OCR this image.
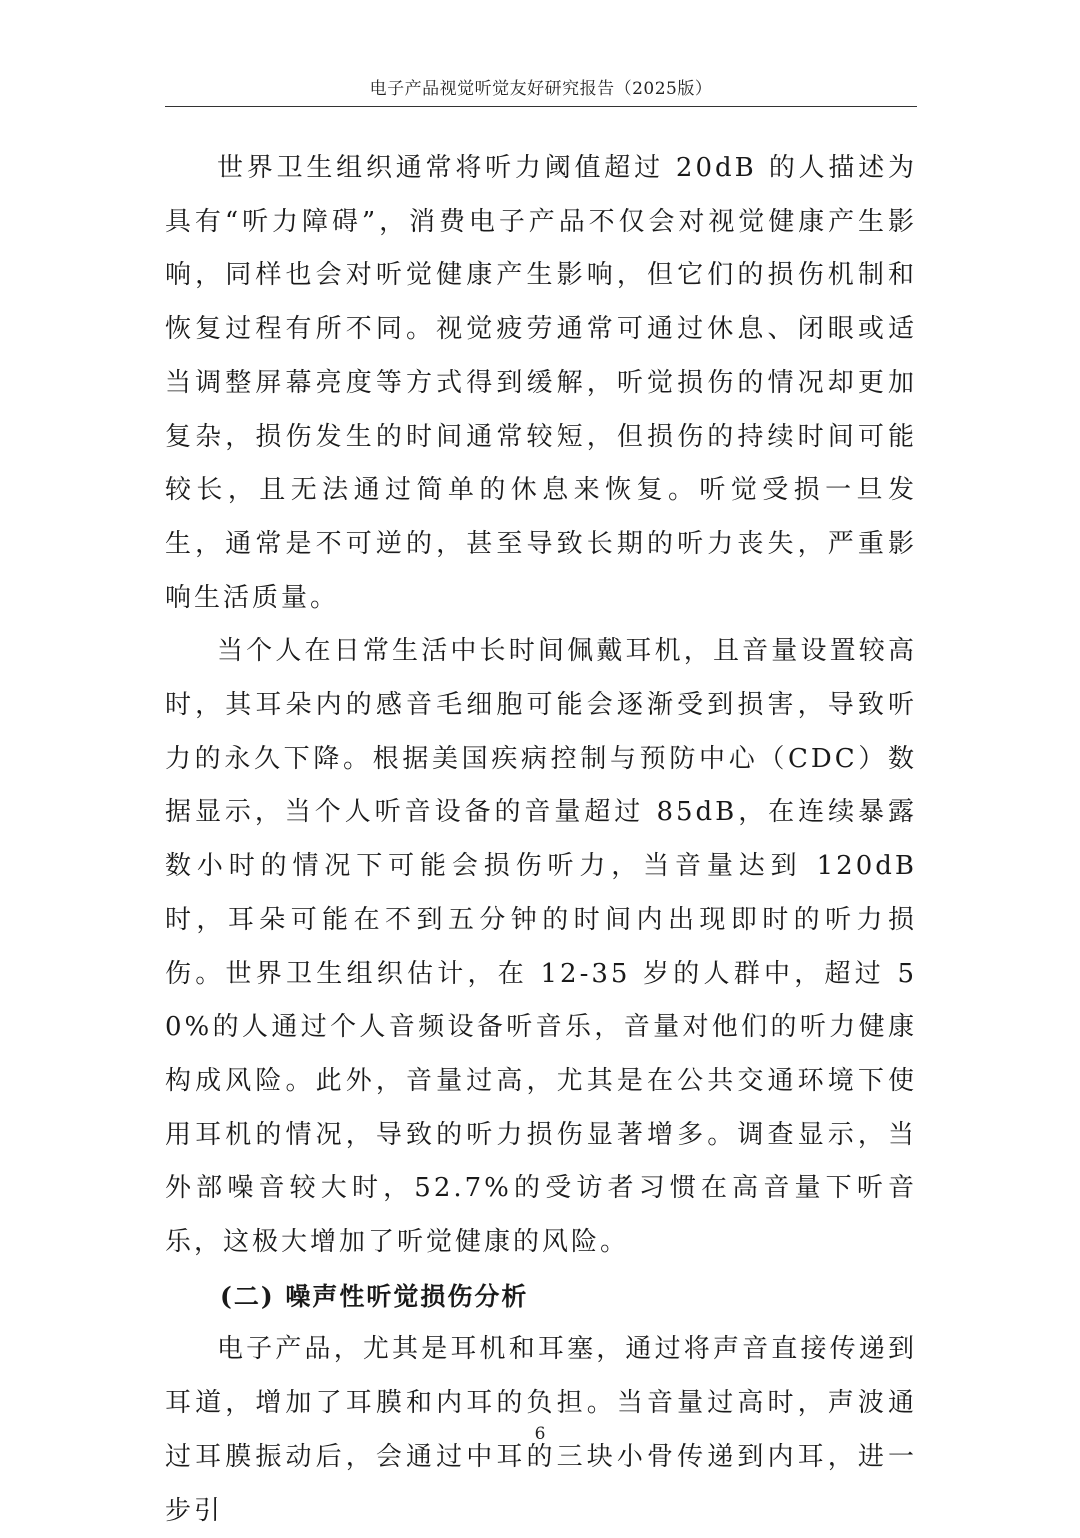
电子产品视觉听觉友好研究报告（2025版）

世界卫生组织通常将听力阈值超过 20dB 的人描述为具有“听力障碍”，消费电子产品不仅会对视觉健康产生影响，同样也会对听觉健康产生影响，但它们的损伤机制和恢复过程有所不同。视觉疲劳通常可通过休息、闭眼或适当调整屏幕亮度等方式得到缓解，听觉损伤的情况却更加复杂，损伤发生的时间通常较短，但损伤的持续时间可能较长，且无法通过简单的休息来恢复。听觉受损一旦发生，通常是不可逆的，甚至导致长期的听力丧失，严重影响生活质量。

当个人在日常生活中长时间佩戴耳机，且音量设置较高时，其耳朵内的感音毛细胞可能会逐渐受到损害，导致听力的永久下降。根据美国疾病控制与预防中心（CDC）数据显示，当个人听音设备的音量超过 85dB，在连续暴露数小时的情况下可能会损伤听力，当音量达到 120dB 时，耳朵可能在不到五分钟的时间内出现即时的听力损伤。世界卫生组织估计，在 12-35 岁的人群中，超过 50%的人通过个人音频设备听音乐，音量对他们的听力健康构成风险。此外，音量过高，尤其是在公共交通环境下使用耳机的情况，导致的听力损伤显著增多。调查显示，当外部噪音较大时，52.7%的受访者习惯在高音量下听音乐，这极大增加了听觉健康的风险。

(二) 噪声性听觉损伤分析

电子产品，尤其是耳机和耳塞，通过将声音直接传递到耳道，增加了耳膜和内耳的负担。当音量过高时，声波通过耳膜振动后，会通过中耳的三块小骨传递到内耳，进一步引

6
